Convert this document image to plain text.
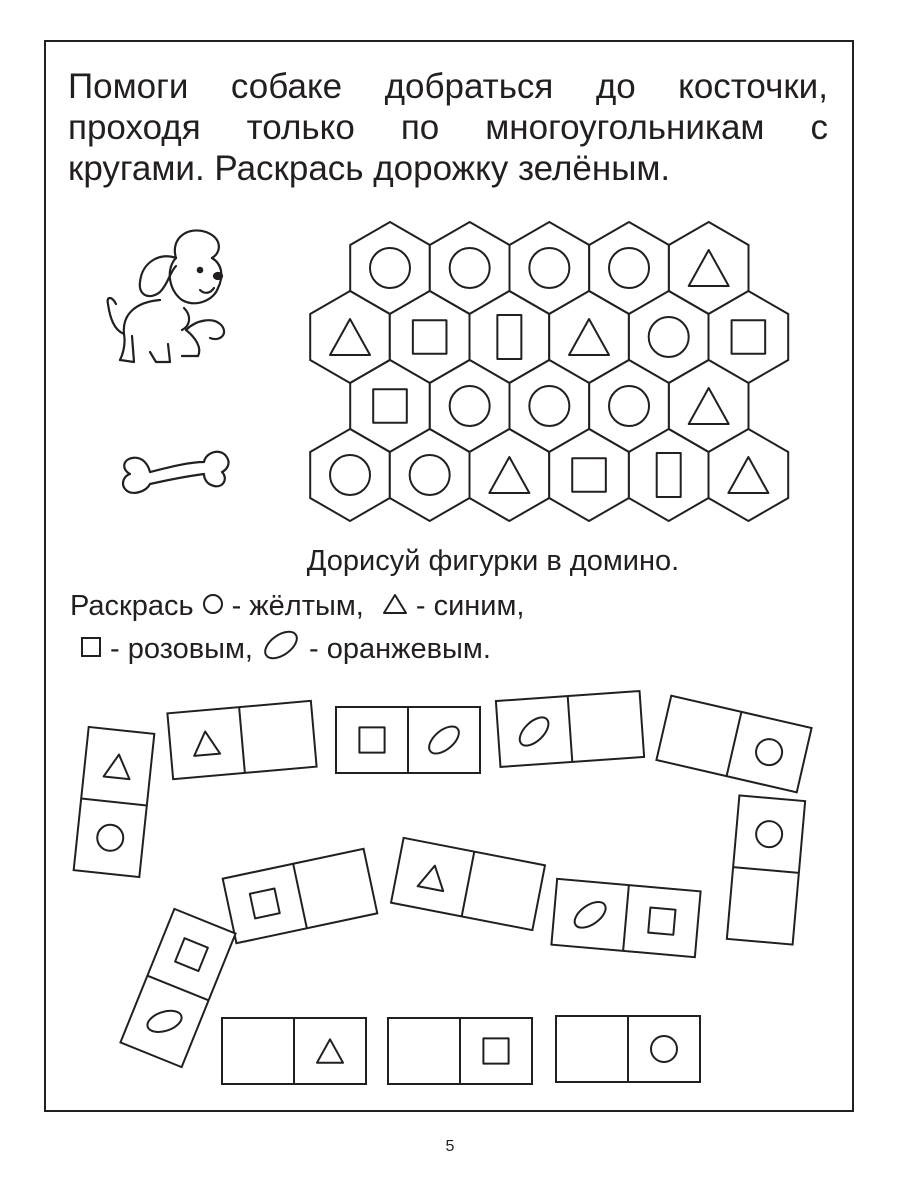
Помоги собаке добраться до косточки,
проходя только по многоугольникам с
кругами. Раскрась дорожку зелёным.
Дорисуй фигурки в домино.
Раскрась - жёлтым, - синим,
- розовым, - оранжевым.
5
